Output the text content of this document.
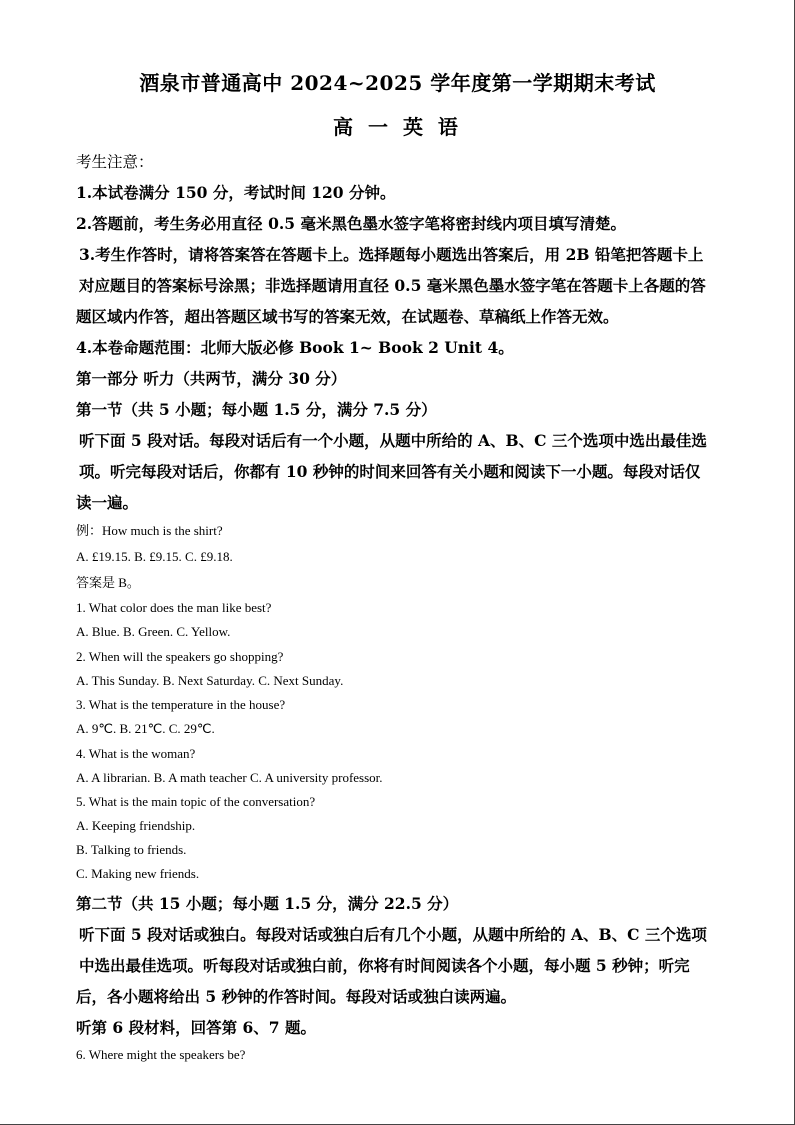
酒泉市普通高中 2024~2025 学年度第一学期期末考试
高 一 英 语
考生注意：
1.本试卷满分 150 分，考试时间 120 分钟。
2.答题前，考生务必用直径 0.5 毫米黑色墨水签字笔将密封线内项目填写清楚。
3.考生作答时，请将答案答在答题卡上。选择题每小题选出答案后，用 2B 铅笔把答题卡上
对应题目的答案标号涂黑；非选择题请用直径 0.5 毫米黑色墨水签字笔在答题卡上各题的答
题区域内作答，超出答题区域书写的答案无效，在试题卷、草稿纸上作答无效。
4.本卷命题范围：北师大版必修 Book 1~ Book 2 Unit 4。
第一部分 听力（共两节，满分 30 分）
第一节（共 5 小题；每小题 1.5 分，满分 7.5 分）
听下面 5 段对话。每段对话后有一个小题，从题中所给的 A、B、C 三个选项中选出最佳选
项。听完每段对话后，你都有 10 秒钟的时间来回答有关小题和阅读下一小题。每段对话仅
读一遍。
例：How much is the shirt?
A. £19.15. B. £9.15. C. £9.18.
答案是 B。
1. What color does the man like best?
A. Blue. B. Green. C. Yellow.
2. When will the speakers go shopping?
A. This Sunday. B. Next Saturday. C. Next Sunday.
3. What is the temperature in the house?
A. 9℃. B. 21℃. C. 29℃.
4. What is the woman?
A. A librarian. B. A math teacher C. A university professor.
5. What is the main topic of the conversation?
A. Keeping friendship.
B. Talking to friends.
C. Making new friends.
第二节（共 15 小题；每小题 1.5 分，满分 22.5 分）
听下面 5 段对话或独白。每段对话或独白后有几个小题，从题中所给的 A、B、C 三个选项
中选出最佳选项。听每段对话或独白前，你将有时间阅读各个小题，每小题 5 秒钟；听完
后，各小题将给出 5 秒钟的作答时间。每段对话或独白读两遍。
听第 6 段材料，回答第 6、7 题。
6. Where might the speakers be?
